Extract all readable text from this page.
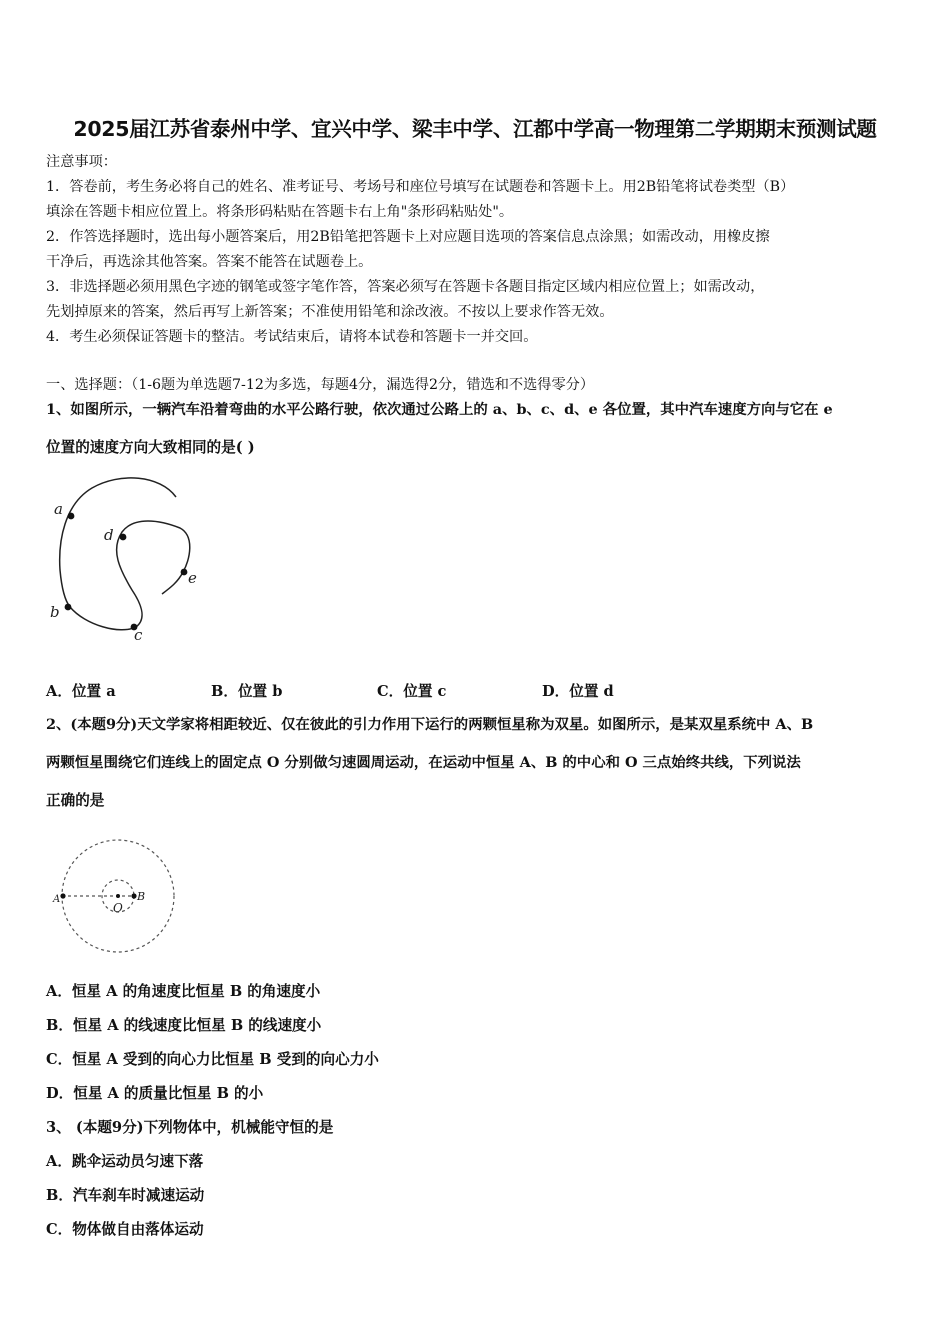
2025届江苏省泰州中学、宜兴中学、梁丰中学、江都中学高一物理第二学期期末预测试题
注意事项：
1．答卷前，考生务必将自己的姓名、准考证号、考场号和座位号填写在试题卷和答题卡上。用2B铅笔将试卷类型（B）
填涂在答题卡相应位置上。将条形码粘贴在答题卡右上角"条形码粘贴处"。
2．作答选择题时，选出每小题答案后，用2B铅笔把答题卡上对应题目选项的答案信息点涂黑；如需改动，用橡皮擦
干净后，再选涂其他答案。答案不能答在试题卷上。
3．非选择题必须用黑色字迹的钢笔或签字笔作答，答案必须写在答题卡各题目指定区域内相应位置上；如需改动，
先划掉原来的答案，然后再写上新答案；不准使用铅笔和涂改液。不按以上要求作答无效。
4．考生必须保证答题卡的整洁。考试结束后，请将本试卷和答题卡一并交回。
一、选择题：（1-6题为单选题7-12为多选，每题4分，漏选得2分，错选和不选得零分）
1、如图所示，一辆汽车沿着弯曲的水平公路行驶，依次通过公路上的 a、b、c、d、e 各位置，其中汽车速度方向与它在 e
位置的速度方向大致相同的是( )
a
b
c
d
e
A．位置 a	B．位置 b	C．位置 c	D．位置 d
2、(本题9分)天文学家将相距较近、仅在彼此的引力作用下运行的两颗恒星称为双星。如图所示，是某双星系统中 A、B
两颗恒星围绕它们连线上的固定点 O 分别做匀速圆周运动，在运动中恒星 A、B 的中心和 O 三点始终共线，下列说法
正确的是
A
O
B
A．恒星 A 的角速度比恒星 B 的角速度小
B．恒星 A 的线速度比恒星 B 的线速度小
C．恒星 A 受到的向心力比恒星 B 受到的向心力小
D．恒星 A 的质量比恒星 B 的小
3、 (本题9分)下列物体中，机械能守恒的是
A．跳伞运动员匀速下落
B．汽车刹车时减速运动
C．物体做自由落体运动
